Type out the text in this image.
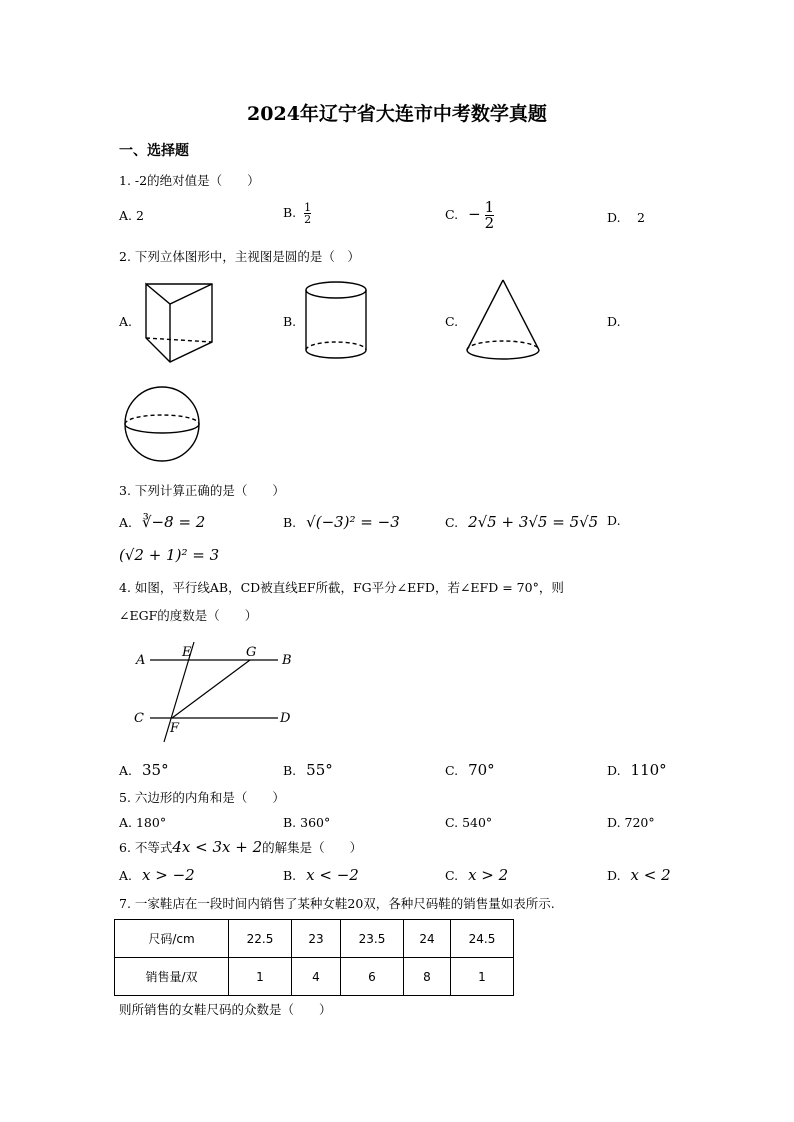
2024年辽宁省大连市中考数学真题
一、选择题
1. -2的绝对值是（　　）
A. 2	B. $\frac{1}{2}$	C. − $\frac{1}{2}$	D.　 2
2. 下列立体图形中，主视图是圆的是（　）
A.	B.	C.	D.
3. 下列计算正确的是（　　）
A. ∛−8 = 2	B. √(−3)² = −3	C. 2√5 + 3√5 = 5√5 D.
(√2 + 1)² = 3
4. 如图，平行线AB，CD被直线EF所截，FG平分∠EFD，若∠EFD = 70°，则
∠EGF的度数是（　　）
A	B
C	D
E
F
G
A. 35°	B. 55°	C. 70°	D. 110°
5. 六边形的内角和是（　　）
A. 180°	B. 360°	C. 540°	D. 720°
6. 不等式4x < 3x + 2的解集是（　　）
A. x > −2	B. x < −2	C. x > 2	D. x < 2
7. 一家鞋店在一段时间内销售了某种女鞋20双，各种尺码鞋的销售量如表所示.
尺码/cm	22.5	23	23.5	24	24.5
销售量/双	1	4	6	8	1
则所销售的女鞋尺码的众数是（　　）
